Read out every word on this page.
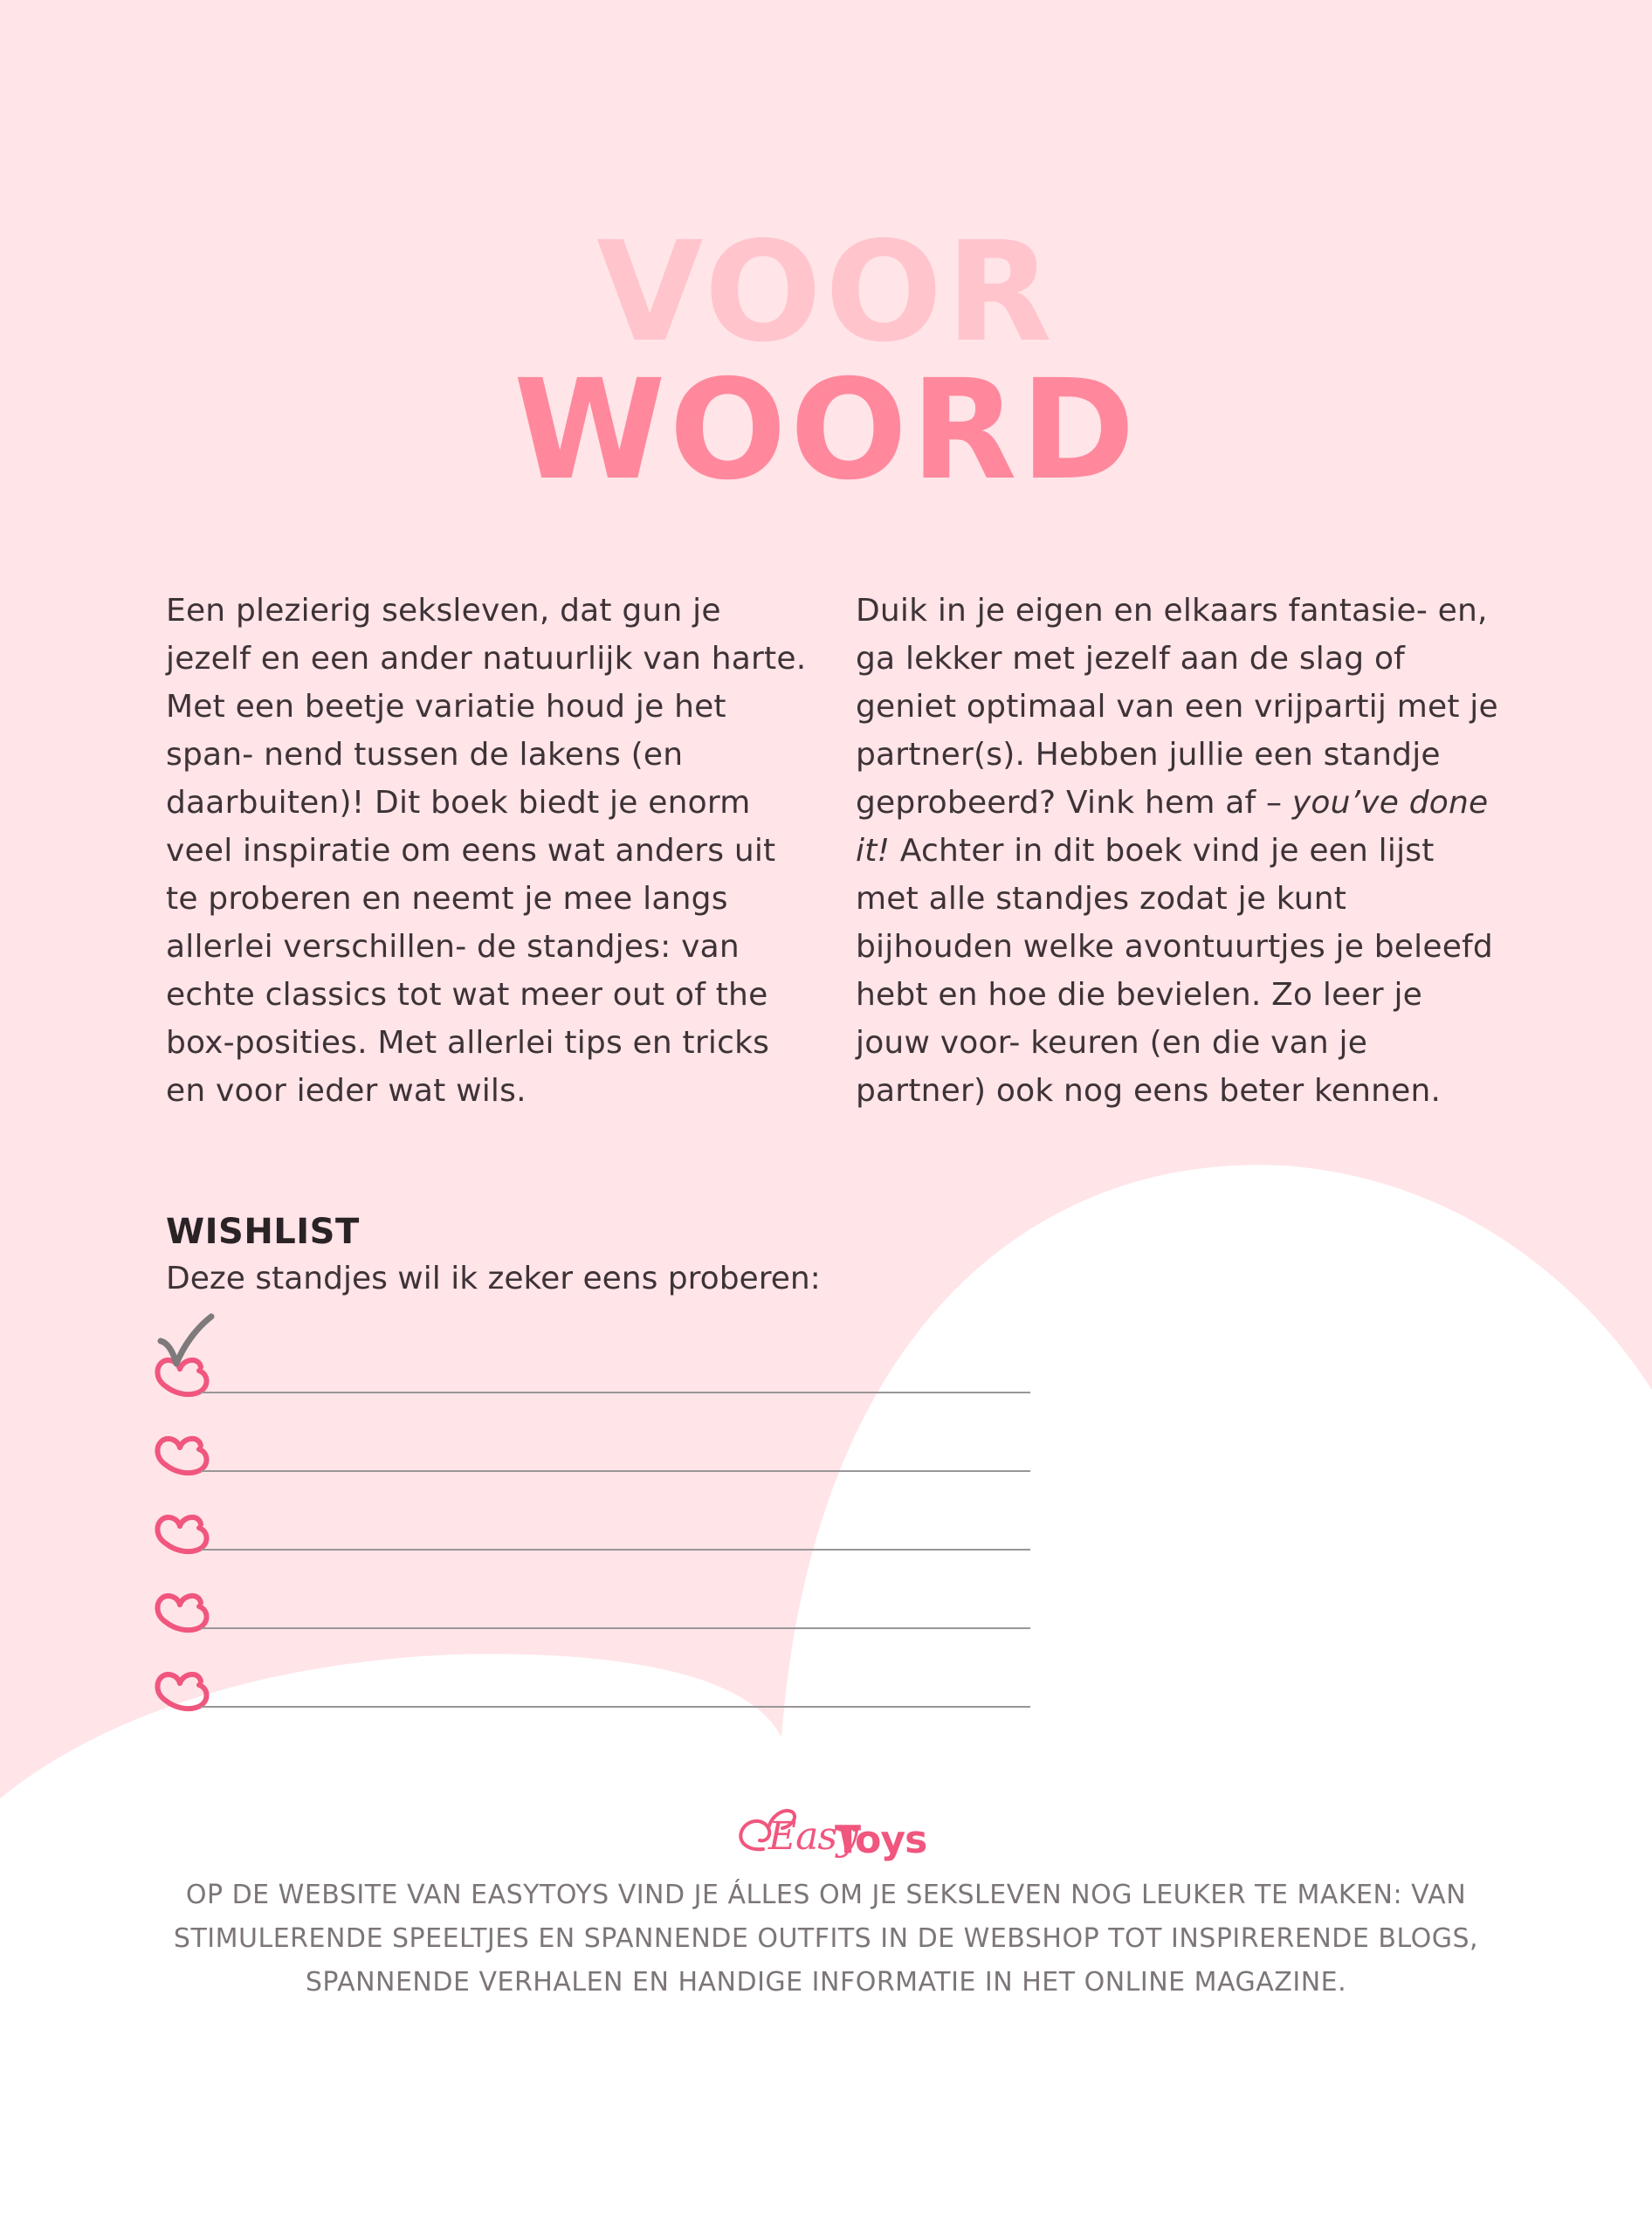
VOOR
WOORD

Een plezierig seksleven, dat gun je jezelf en een ander natuurlijk van harte. Met een beetje variatie houd je het span- nend tussen de lakens (en daarbuiten)! Dit boek biedt je enorm veel inspiratie om eens wat anders uit te proberen en neemt je mee langs allerlei verschillen- de standjes: van echte classics tot wat meer out of the box-posities. Met allerlei tips en tricks en voor ieder wat wils.

Duik in je eigen en elkaars fantasie- en, ga lekker met jezelf aan de slag of geniet optimaal van een vrijpartij met je partner(s). Hebben jullie een standje geprobeerd? Vink hem af – you’ve done it! Achter in dit boek vind je een lijst met alle standjes zodat je kunt bijhouden welke avontuurtjes je beleefd hebt en hoe die bevielen. Zo leer je jouw voor- keuren (en die van je partner) ook nog eens beter kennen.

WISHLIST

Deze standjes wil ik zeker eens proberen:

Easy
Toys

OP DE WEBSITE VAN EASYTOYS VIND JE ÁLLES OM JE SEKSLEVEN NOG LEUKER TE MAKEN: VAN STIMULERENDE SPEELTJES EN SPANNENDE OUTFITS IN DE WEBSHOP TOT INSPIRERENDE BLOGS, SPANNENDE VERHALEN EN HANDIGE INFORMATIE IN HET ONLINE MAGAZINE.
